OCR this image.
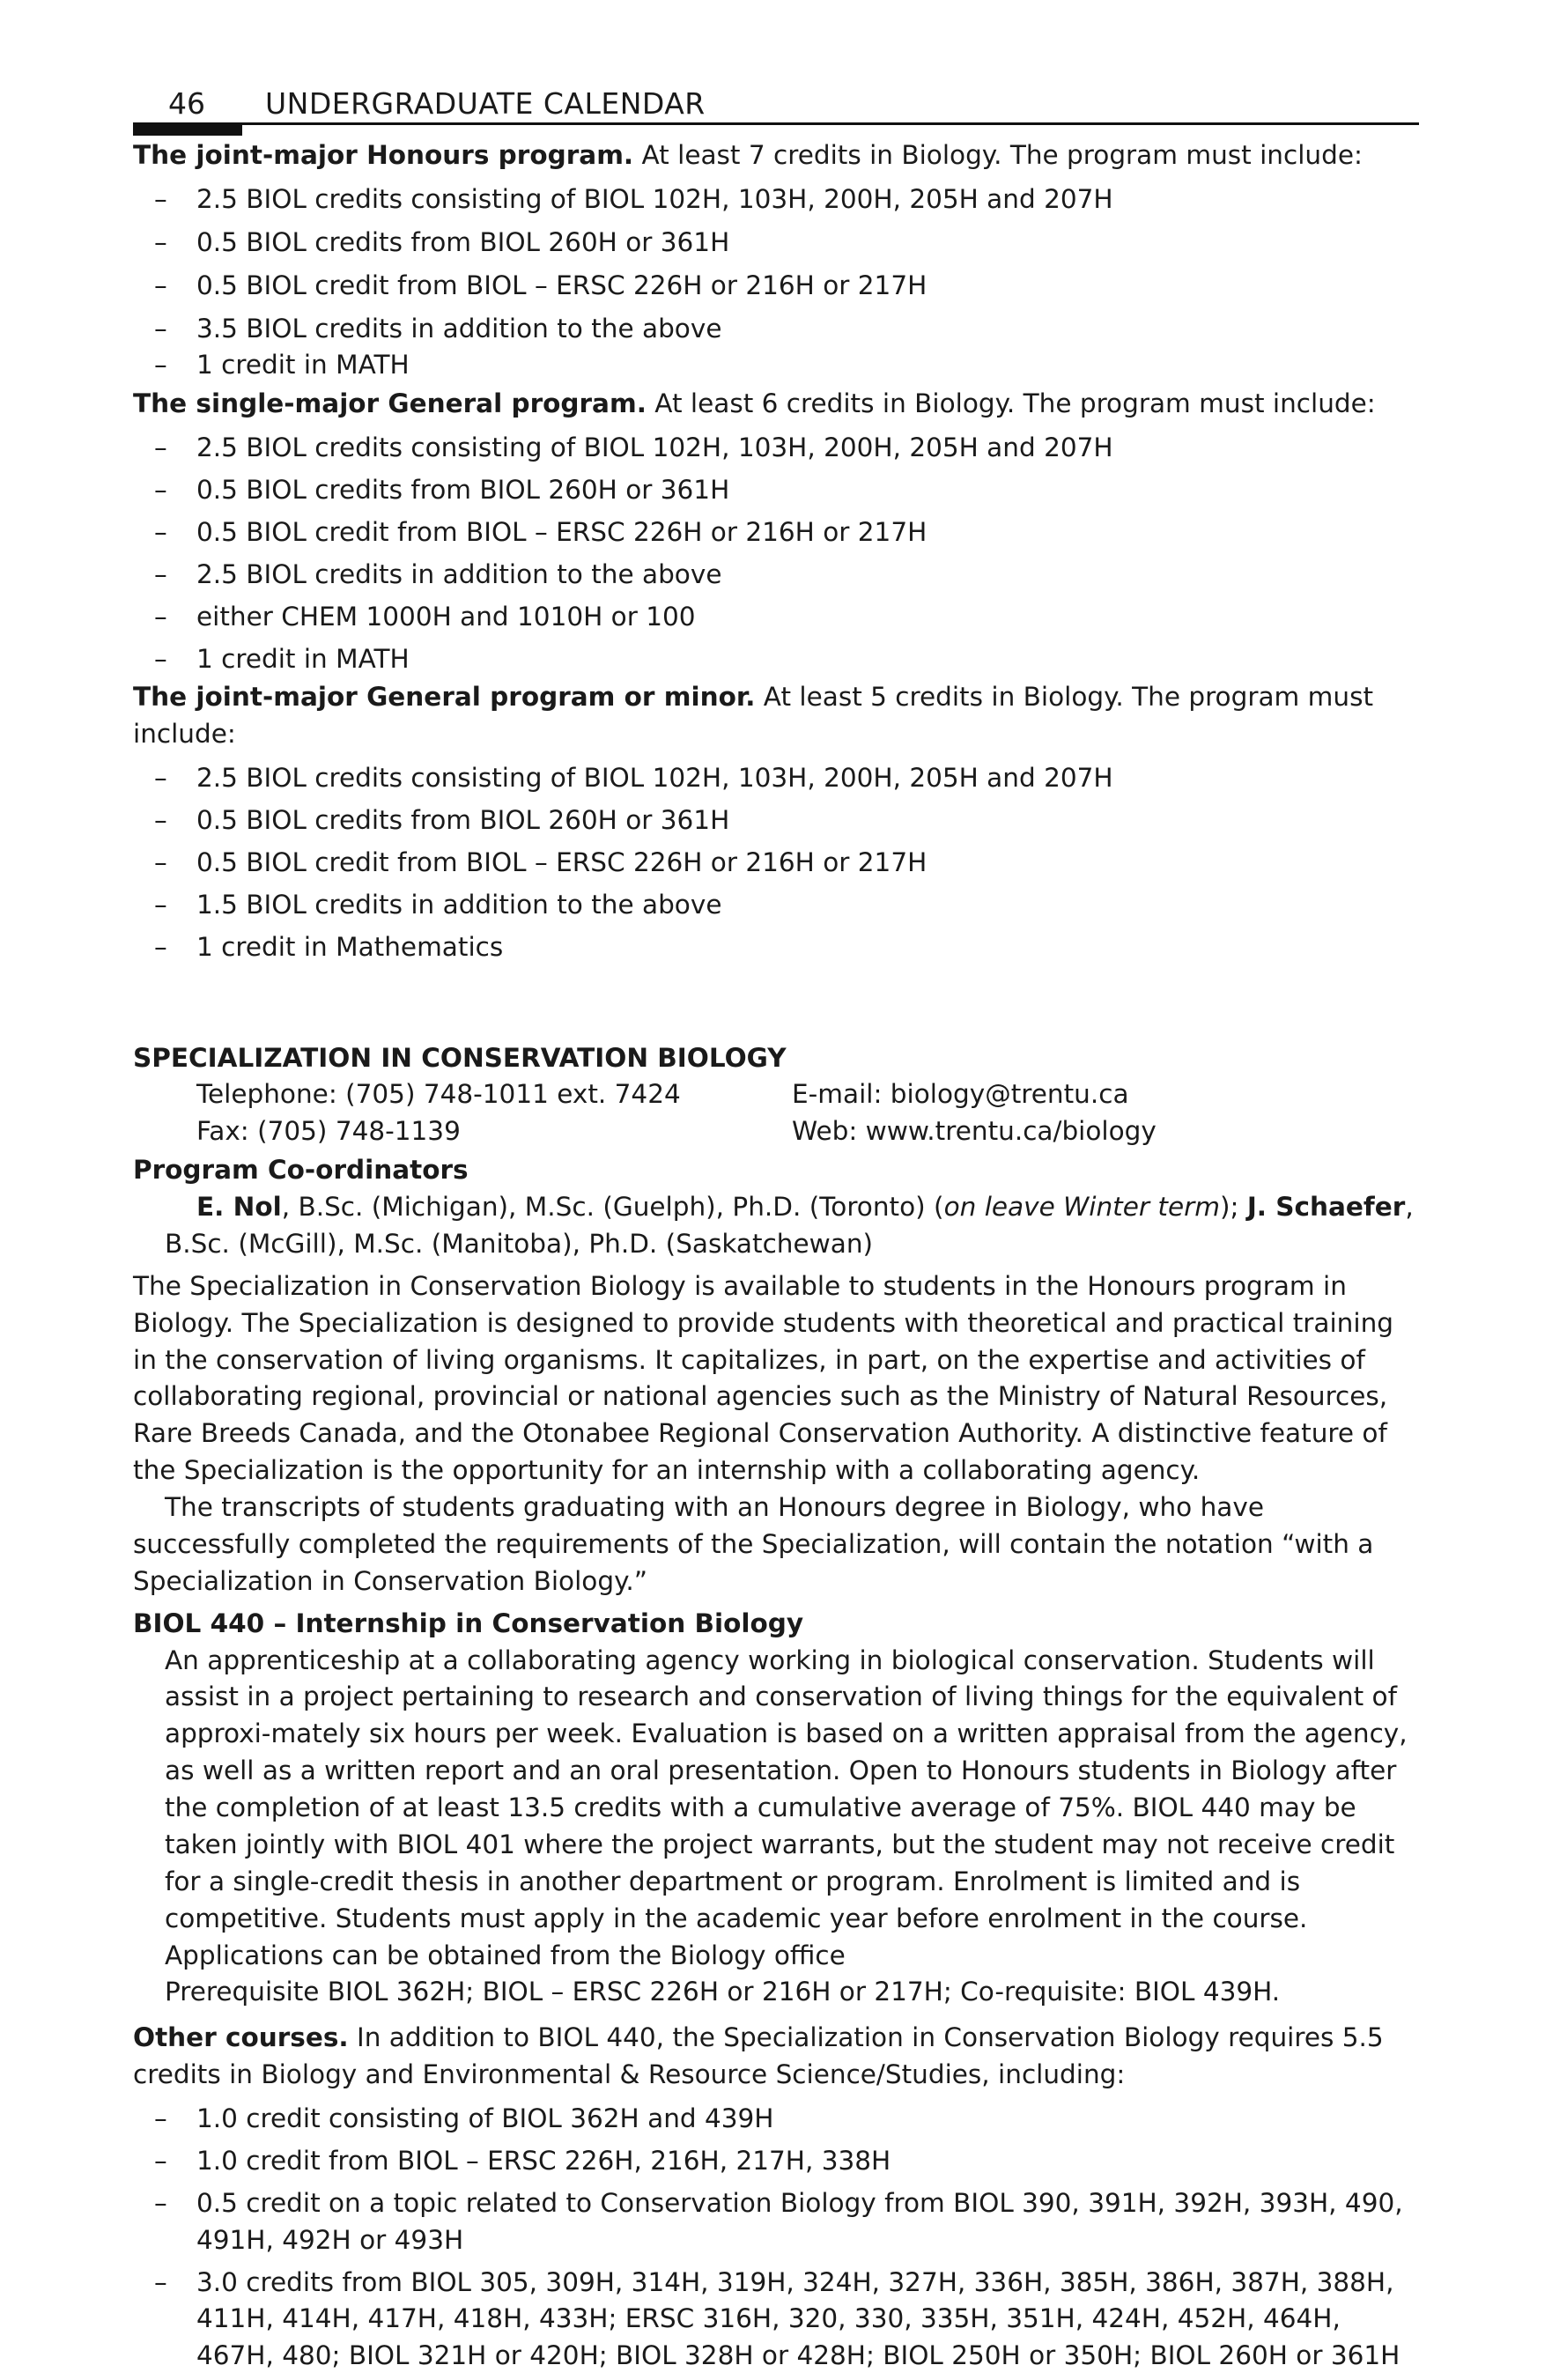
46 UNDERGRADUATE CALENDAR

The joint-major Honours program. At least 7 credits in Biology. The program must include:

– 2.5 BIOL credits consisting of BIOL 102H, 103H, 200H, 205H and 207H
– 0.5 BIOL credits from BIOL 260H or 361H
– 0.5 BIOL credit from BIOL – ERSC 226H or 216H or 217H
– 3.5 BIOL credits in addition to the above
– 1 credit in MATH

The single-major General program. At least 6 credits in Biology. The program must include:

– 2.5 BIOL credits consisting of BIOL 102H, 103H, 200H, 205H and 207H
– 0.5 BIOL credits from BIOL 260H or 361H
– 0.5 BIOL credit from BIOL – ERSC 226H or 216H or 217H
– 2.5 BIOL credits in addition to the above
– either CHEM 1000H and 1010H or 100
– 1 credit in MATH

The joint-major General program or minor. At least 5 credits in Biology. The program must include:

– 2.5 BIOL credits consisting of BIOL 102H, 103H, 200H, 205H and 207H
– 0.5 BIOL credits from BIOL 260H or 361H
– 0.5 BIOL credit from BIOL – ERSC 226H or 216H or 217H
– 1.5 BIOL credits in addition to the above
– 1 credit in Mathematics

SPECIALIZATION IN CONSERVATION BIOLOGY

Telephone: (705) 748-1011 ext. 7424	E-mail: biology@trentu.ca
Fax: (705) 748-1139	Web: www.trentu.ca/biology

Program Co-ordinators

E. Nol, B.Sc. (Michigan), M.Sc. (Guelph), Ph.D. (Toronto) (on leave Winter term); J. Schaefer, B.Sc. (McGill), M.Sc. (Manitoba), Ph.D. (Saskatchewan)

The Specialization in Conservation Biology is available to students in the Honours program in Biology. The Specialization is designed to provide students with theoretical and practical training in the conservation of living organisms. It capitalizes, in part, on the expertise and activities of collaborating regional, provincial or national agencies such as the Ministry of Natural Resources, Rare Breeds Canada, and the Otonabee Regional Conservation Authority. A distinctive feature of the Specialization is the opportunity for an internship with a collaborating agency.

The transcripts of students graduating with an Honours degree in Biology, who have successfully completed the requirements of the Specialization, will contain the notation “with a Specialization in Conservation Biology.”

BIOL 440 – Internship in Conservation Biology

An apprenticeship at a collaborating agency working in biological conservation. Students will assist in a project pertaining to research and conservation of living things for the equivalent of approxi-mately six hours per week. Evaluation is based on a written appraisal from the agency, as well as a written report and an oral presentation. Open to Honours students in Biology after the completion of at least 13.5 credits with a cumulative average of 75%. BIOL 440 may be taken jointly with BIOL 401 where the project warrants, but the student may not receive credit for a single-credit thesis in another department or program. Enrolment is limited and is competitive. Students must apply in the academic year before enrolment in the course. Applications can be obtained from the Biology office

Prerequisite BIOL 362H; BIOL – ERSC 226H or 216H or 217H; Co-requisite: BIOL 439H.

Other courses. In addition to BIOL 440, the Specialization in Conservation Biology requires 5.5 credits in Biology and Environmental & Resource Science/Studies, including:

– 1.0 credit consisting of BIOL 362H and 439H
– 1.0 credit from BIOL – ERSC 226H, 216H, 217H, 338H
– 0.5 credit on a topic related to Conservation Biology from BIOL 390, 391H, 392H, 393H, 490, 491H, 492H or 493H
– 3.0 credits from BIOL 305, 309H, 314H, 319H, 324H, 327H, 336H, 385H, 386H, 387H, 388H, 411H, 414H, 417H, 418H, 433H; ERSC 316H, 320, 330, 335H, 351H, 424H, 452H, 464H, 467H, 480; BIOL 321H or 420H; BIOL 328H or 428H; BIOL 250H or 350H; BIOL 260H or 361H
